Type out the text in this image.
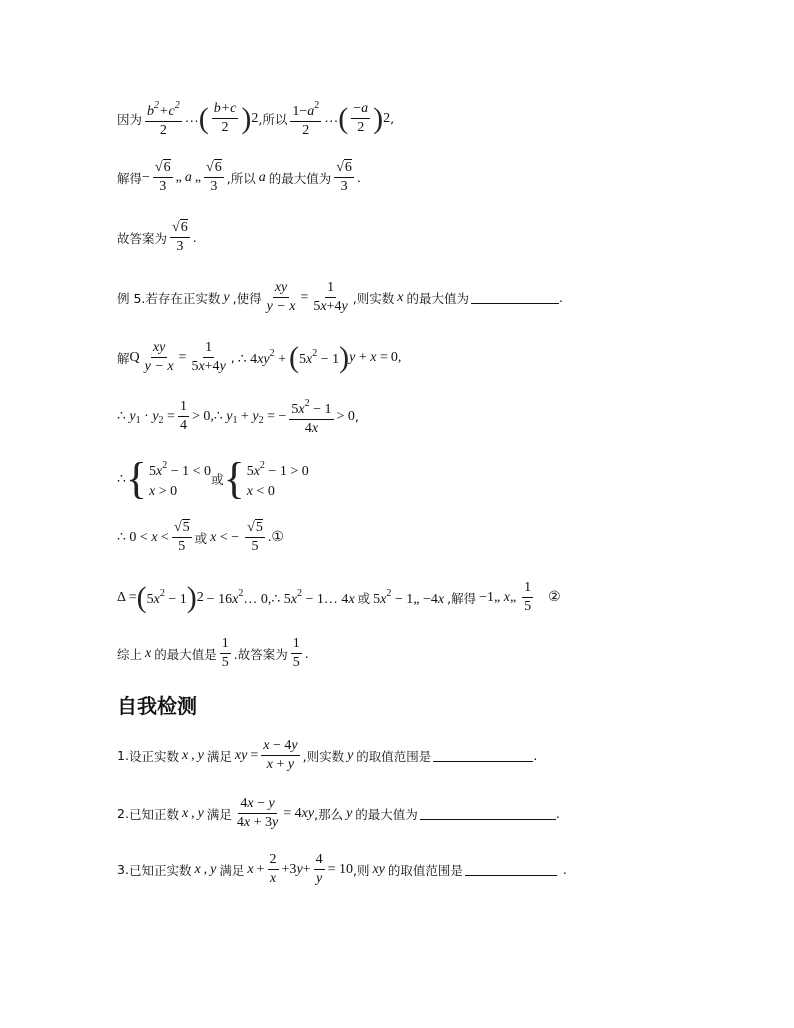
因为 $\frac{b^2+c^2}{2}$ … ( $\frac{b+c}{2}$ ) 2 ,所以 $\frac{1-a^2}{2}$ … ( $\frac{-a}{2}$ ) 2 ,
解得 − $\frac{√6}{3}$ „ a „ $\frac{√6}{3}$ ,所以 a 的最大值为 $\frac{√6}{3}$ .
故答案为 $\frac{√6}{3}$ .
例 5. 若存在正实数 y ,使得 $\frac{xy}{y - x} = \frac{1}{5x+4y}$ ,则实数 x 的最大值为	.
解 Q $\frac{xy}{y - x} = \frac{1}{5x+4y}$ , ∴ $4xy^2$ + ( $5x^2 - 1$ ) y + x = 0,
∴ $y_1 \cdot y_2 = \frac{1}{4}$ > 0,∴ $y_1 + y_2$ = − $\frac{5x^2 - 1}{4x} > 0$ ,
∴ { $5x^2 - 1 < 0$
x > 0
或 { $5x^2 - 1 > 0$
x < 0
∴ $0 < x < \frac{√5}{5}$ 或 x < − $\frac{√5}{5}$ . ①
Δ = ( $5x^2 - 1$ ) $2 - 16x^2\dots$ 0,∴ $5x^2$ − 1… 4x 或 $5x^2$ − 1„ −4x ,解得 −1„ x„ $\frac{1}{5}$ ②
综上 x 的最大值是 $\frac{1}{5}$ .故答案为 $\frac{1}{5}$ .
自我检测
1. 设正实数 x , y 满足 xy = $\frac{x - 4y}{x + y}$ ,则实数 y 的取值范围是	.
2. 已知正数 x , y 满足 $\frac{4x - y}{4x + 3y} = 4xy$ ,那么 y 的最大值为	.
3. 已知正实数 x , y 满足 $x + \frac{2}{x} +3y+ \frac{4}{y} = 10$ ,则 xy 的取值范围是	.
